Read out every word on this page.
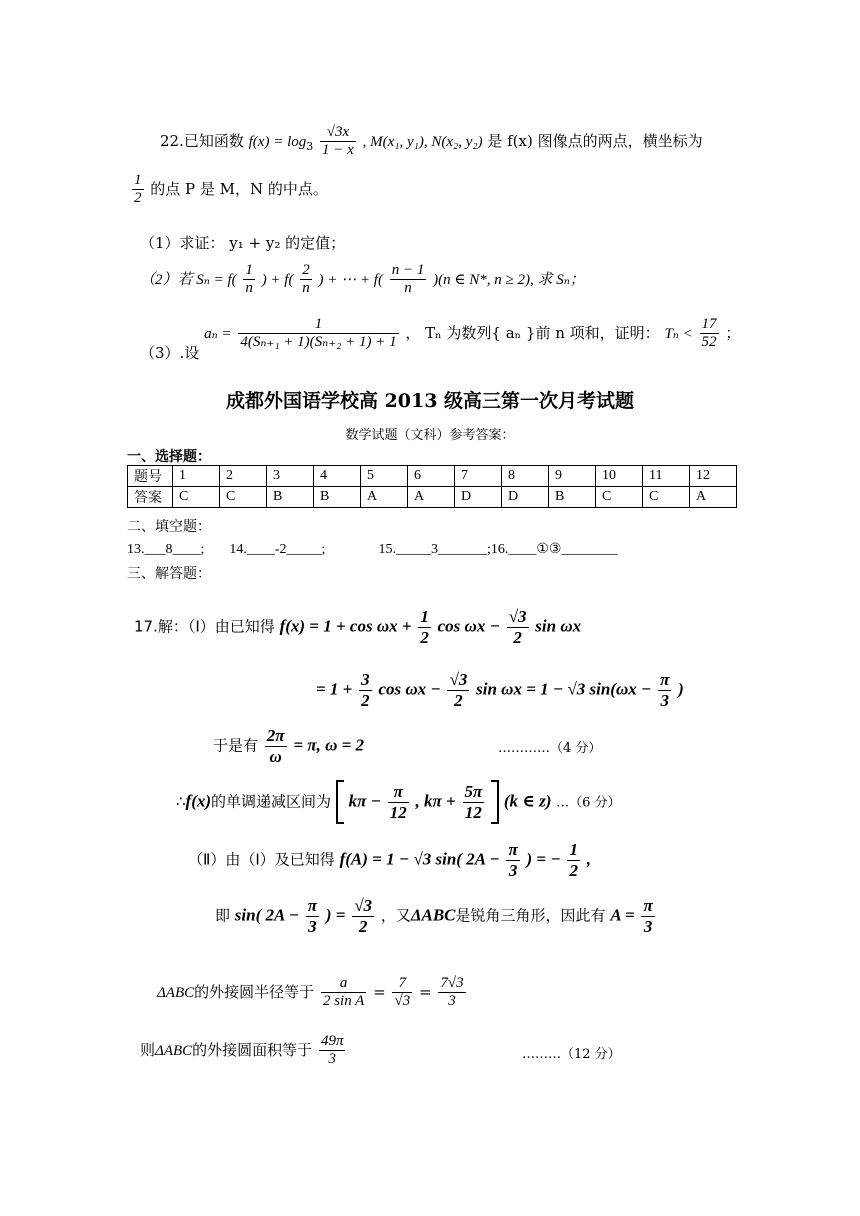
22.已知函数 $f(x) = \log_3 \frac{√3x}{1 - x}$ , M(x₁, y₁), N(x₂, y₂) 是 f(x) 图像点的两点，横坐标为
$\frac{1}{2}$ 的点 P 是 M，N 的中点。
（1）求证： y₁ + y₂ 的定值；
（2）若 $S_n = f( \frac{1}{n}$ ) + $f( \frac{2}{n}$ ) + ⋯ + $f( \frac{n - 1}{n} )(n$ ∈ N*, n ≥ 2), 求 Sₙ；
（3）.设 $a_n = \frac{1}{\text{4(Sₙ₊₁ + 1)(Sₙ₊₂ + 1) + 1}}$ ， Tₙ 为数列{ aₙ }前 n 项和，证明： $T_n < \frac{17}{52}$ ；
成都外国语学校高 2013 级高三第一次月考试题
数学试题（文科）参考答案：
一、选择题：
题号	1	2	3	4	5	6	7	8	9	10	11	12
答案	C	C	B	B	A	A	D	D	B	C	C	A
二、填空题：
13.___8____; 14.____-2_____;	15._____3_______;16.____①③________
三、解答题：
17.解：（Ⅰ）由已知得 $f(x) = 1 + \cos \omega x + \frac{1}{2}$ $\cos \omega x - \frac{√3}{2}$ sin ωx
= $1 + \frac{3}{2}$ $\cos \omega x - \frac{√3}{2}$ sin ωx = 1 − √3 $\sin(\omega x - \frac{\pi}{3}$ )
于是有 $\frac{2\pi}{\omega} = \pi$, ω = 2	…………（4 分）
∴f(x)的单调递减区间为 $k\pi - \frac{\pi}{12}$ , $k\pi + \frac{5\pi}{12} (k$ ∈ z) …（6 分）
（Ⅱ）由（Ⅰ）及已知得 f(A) = 1 − √3 sin( $2A - \frac{\pi}{3}$ ) = − $\frac{1}{2}$ ,
即 sin( $2A - \frac{\pi}{3}$ ) = $\frac{√3}{2}$ ，又ΔABC是锐角三角形，因此有 $A = \frac{\pi}{3}$
ΔABC的外接圆半径等于 $\frac{a}{\text{2 sin A}} = \frac{7}{√3} = \frac{7√3}{3}$
则ΔABC的外接圆面积等于 $\frac{49\pi}{3}$	………（12 分）
